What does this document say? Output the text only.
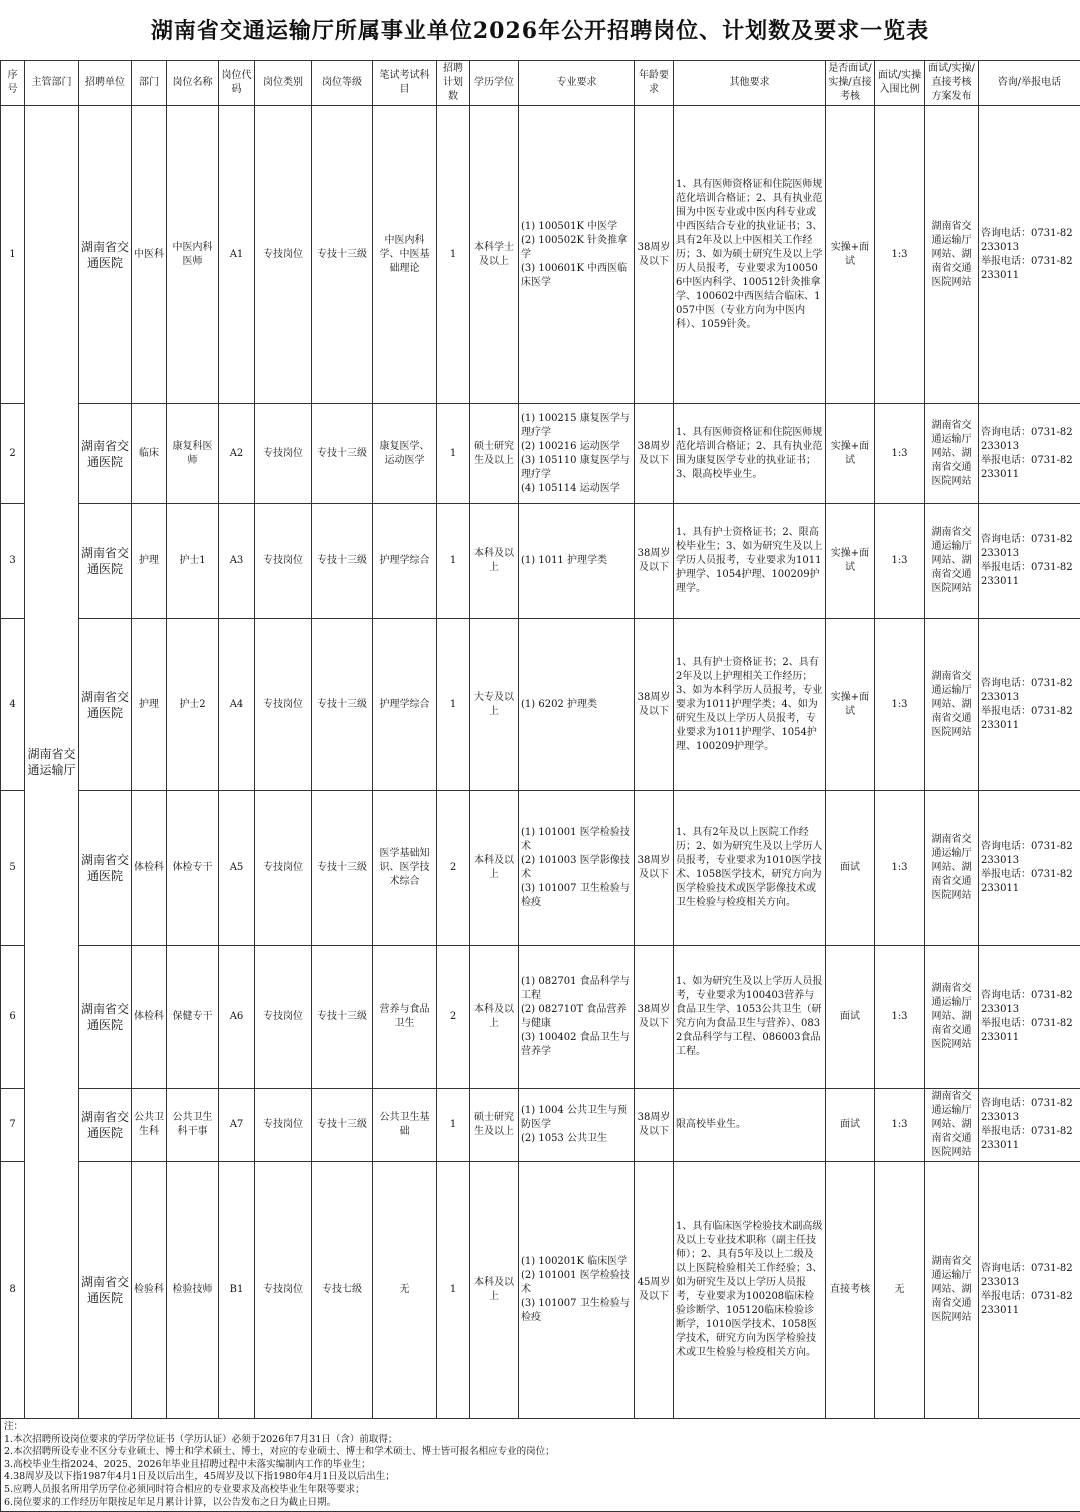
湖南省交通运输厅所属事业单位2026年公开招聘岗位、计划数及要求一览表
序号	主管部门	招聘单位	部门	岗位名称	岗位代码	岗位类别	岗位等级	笔试考试科目	招聘计划数	学历学位	专业要求	年龄要求	其他要求	是否面试/实操/直接考核	面试/实操入围比例	面试/实操/直接考核方案发布	咨询/举报电话
1	湖南省交通运输厅	湖南省交通医院	中医科	中医内科医师	A1	专技岗位	专技十三级	中医内科学、中医基础理论	1	本科学士及以上	(1) 100501K 中医学
(2) 100502K 针灸推拿学
(3) 100601K 中西医临床医学	38周岁及以下	1、具有医师资格证和住院医师规范化培训合格证；2、具有执业范围为中医专业或中医内科专业或中西医结合专业的执业证书；3、具有2年及以上中医相关工作经历；3、如为硕士研究生及以上学历人员报考，专业要求为100506中医内科学、100512针灸推拿学、100602中西医结合临床、1057中医（专业方向为中医内科）、1059针灸。	实操+面试	1:3	湖南省交通运输厅网站、湖南省交通医院网站	咨询电话：0731-82233013
举报电话：0731-82233011
2		湖南省交通医院	临床	康复科医师	A2	专技岗位	专技十三级	康复医学、运动医学	1	硕士研究生及以上	(1) 100215 康复医学与理疗学
(2) 100216 运动医学
(3) 105110 康复医学与理疗学
(4) 105114 运动医学	38周岁及以下	1、具有医师资格证和住院医师规范化培训合格证；2、具有执业范围为康复医学专业的执业证书；3、限高校毕业生。	实操+面试	1:3	湖南省交通运输厅网站、湖南省交通医院网站	咨询电话：0731-82233013
举报电话：0731-82233011
3		湖南省交通医院	护理	护士1	A3	专技岗位	专技十三级	护理学综合	1	本科及以上	(1) 1011 护理学类	38周岁及以下	1、具有护士资格证书；2、限高校毕业生；3、如为研究生及以上学历人员报考，专业要求为1011护理学、1054护理、100209护理学。	实操+面试	1:3	湖南省交通运输厅网站、湖南省交通医院网站	咨询电话：0731-82233013
举报电话：0731-82233011
4		湖南省交通医院	护理	护士2	A4	专技岗位	专技十三级	护理学综合	1	大专及以上	(1) 6202 护理类	38周岁及以下	1、具有护士资格证书；2、具有2年及以上护理相关工作经历；3、如为本科学历人员报考，专业要求为1011护理学类；4、如为研究生及以上学历人员报考，专业要求为1011护理学、1054护理、100209护理学。	实操+面试	1:3	湖南省交通运输厅网站、湖南省交通医院网站	咨询电话：0731-82233013
举报电话：0731-82233011
5		湖南省交通医院	体检科	体检专干	A5	专技岗位	专技十三级	医学基础知识、医学技术综合	2	本科及以上	(1) 101001 医学检验技术
(2) 101003 医学影像技术
(3) 101007 卫生检验与检疫	38周岁及以下	1、具有2年及以上医院工作经历；2、如为研究生及以上学历人员报考，专业要求为1010医学技术、1058医学技术，研究方向为医学检验技术或医学影像技术或卫生检验与检疫相关方向。	面试	1:3	湖南省交通运输厅网站、湖南省交通医院网站	咨询电话：0731-82233013
举报电话：0731-82233011
6		湖南省交通医院	体检科	保健专干	A6	专技岗位	专技十三级	营养与食品卫生	2	本科及以上	(1) 082701 食品科学与工程
(2) 082710T 食品营养与健康
(3) 100402 食品卫生与营养学	38周岁及以下	1、如为研究生及以上学历人员报考，专业要求为100403营养与食品卫生学、1053公共卫生（研究方向为食品卫生与营养）、0832食品科学与工程、086003食品工程。	面试	1:3	湖南省交通运输厅网站、湖南省交通医院网站	咨询电话：0731-82233013
举报电话：0731-82233011
7		湖南省交通医院	公共卫生科	公共卫生科干事	A7	专技岗位	专技十三级	公共卫生基础	1	硕士研究生及以上	(1) 1004 公共卫生与预防医学
(2) 1053 公共卫生	38周岁及以下	限高校毕业生。	面试	1:3	湖南省交通运输厅网站、湖南省交通医院网站	咨询电话：0731-82233013
举报电话：0731-82233011
8		湖南省交通医院	检验科	检验技师	B1	专技岗位	专技七级	无	1	本科及以上	(1) 100201K 临床医学
(2) 101001 医学检验技术
(3) 101007 卫生检验与检疫	45周岁及以下	1、具有临床医学检验技术副高级及以上专业技术职称（副主任技师）；2、具有5年及以上二级及以上医院检验相关工作经验；3、如为研究生及以上学历人员报考，专业要求为100208临床检验诊断学、105120临床检验诊断学，1010医学技术、1058医学技术，研究方向为医学检验技术或卫生检验与检疫相关方向。	直接考核	无	湖南省交通运输厅网站、湖南省交通医院网站	咨询电话：0731-82233013
举报电话：0731-82233011
注：
1.本次招聘所设岗位要求的学历学位证书（学历认证）必须于2026年7月31日（含）前取得；
2.本次招聘所设专业不区分专业硕士、博士和学术硕士、博士，对应的专业硕士、博士和学术硕士、博士皆可报名相应专业的岗位；
3.高校毕业生指2024、2025、2026年毕业且招聘过程中未落实编制内工作的毕业生；
4.38周岁及以下指1987年4月1日及以后出生，45周岁及以下指1980年4月1日及以后出生；
5.应聘人员报名所用学历学位必须同时符合相应的专业要求及高校毕业生年限等要求；
6.岗位要求的工作经历年限按足年足月累计计算，以公告发布之日为截止日期。
